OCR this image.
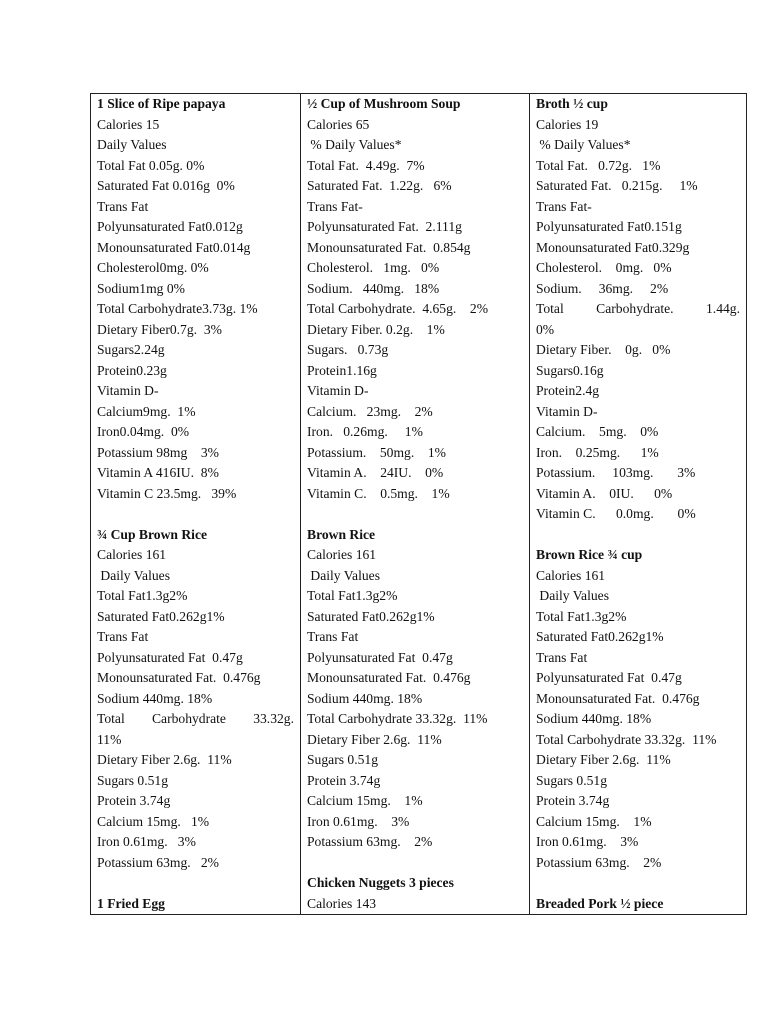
1 Slice of Ripe papaya
Calories 15
Daily Values
Total Fat 0.05g. 0%
Saturated Fat 0.016g  0%
Trans Fat
Polyunsaturated Fat0.012g
Monounsaturated Fat0.014g
Cholesterol0mg. 0%
Sodium1mg 0%
Total Carbohydrate3.73g. 1%
Dietary Fiber0.7g.  3%
Sugars2.24g
Protein0.23g
Vitamin D-
Calcium9mg.  1%
Iron0.04mg.  0%
Potassium 98mg    3%
Vitamin A 416IU.  8%
Vitamin C 23.5mg.   39%
¾ Cup Brown Rice
Calories 161
Daily Values
Total Fat1.3g2%
Saturated Fat0.262g1%
Trans Fat
Polyunsaturated Fat  0.47g
Monounsaturated Fat.  0.476g
Sodium 440mg. 18%
Total Carbohydrate 33.32g.
11%
Dietary Fiber 2.6g.  11%
Sugars 0.51g
Protein 3.74g
Calcium 15mg.   1%
Iron 0.61mg.   3%
Potassium 63mg.   2%
1 Fried Egg

½ Cup of Mushroom Soup
Calories 65
% Daily Values*
Total Fat.  4.49g.  7%
Saturated Fat.  1.22g.   6%
Trans Fat-
Polyunsaturated Fat.  2.111g
Monounsaturated Fat.  0.854g
Cholesterol.   1mg.   0%
Sodium.   440mg.   18%
Total Carbohydrate.  4.65g.    2%
Dietary Fiber. 0.2g.    1%
Sugars.   0.73g
Protein1.16g
Vitamin D-
Calcium.   23mg.    2%
Iron.   0.26mg.     1%
Potassium.    50mg.    1%
Vitamin A.    24IU.    0%
Vitamin C.    0.5mg.    1%
Brown Rice
Calories 161
Daily Values
Total Fat1.3g2%
Saturated Fat0.262g1%
Trans Fat
Polyunsaturated Fat  0.47g
Monounsaturated Fat.  0.476g
Sodium 440mg. 18%
Total Carbohydrate 33.32g.  11%
Dietary Fiber 2.6g.  11%
Sugars 0.51g
Protein 3.74g
Calcium 15mg.    1%
Iron 0.61mg.    3%
Potassium 63mg.    2%
Chicken Nuggets 3 pieces
Calories 143

Broth ½ cup
Calories 19
% Daily Values*
Total Fat.   0.72g.   1%
Saturated Fat.   0.215g.     1%
Trans Fat-
Polyunsaturated Fat0.151g
Monounsaturated Fat0.329g
Cholesterol.    0mg.   0%
Sodium.     36mg.     2%
Total Carbohydrate. 1.44g.
0%
Dietary Fiber.    0g.   0%
Sugars0.16g
Protein2.4g
Vitamin D-
Calcium.    5mg.    0%
Iron.    0.25mg.      1%
Potassium.     103mg.       3%
Vitamin A.    0IU.      0%
Vitamin C.      0.0mg.       0%
Brown Rice ¾ cup
Calories 161
Daily Values
Total Fat1.3g2%
Saturated Fat0.262g1%
Trans Fat
Polyunsaturated Fat  0.47g
Monounsaturated Fat.  0.476g
Sodium 440mg. 18%
Total Carbohydrate 33.32g.  11%
Dietary Fiber 2.6g.  11%
Sugars 0.51g
Protein 3.74g
Calcium 15mg.    1%
Iron 0.61mg.    3%
Potassium 63mg.    2%
Breaded Pork ½ piece
